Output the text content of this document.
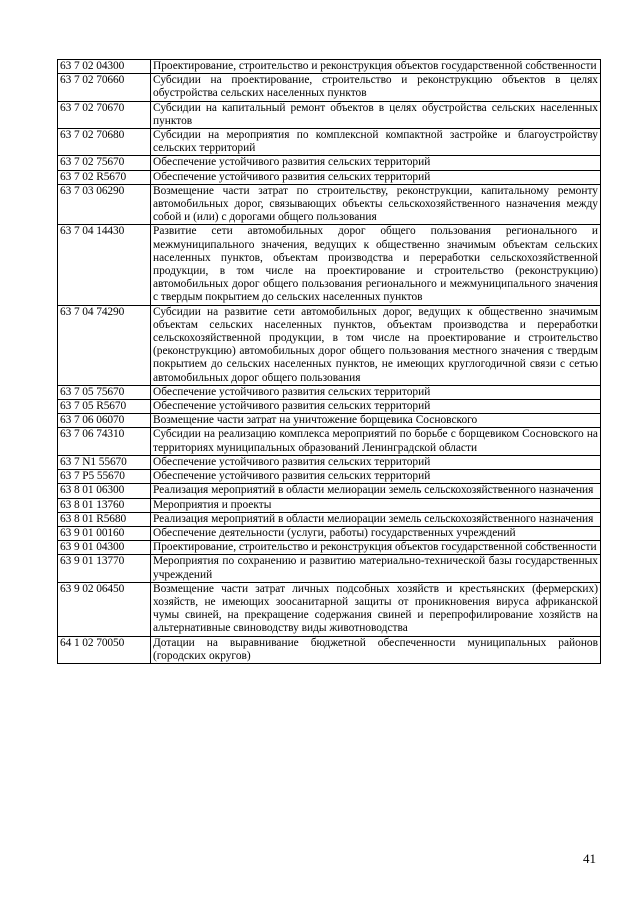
63 7 02 04300	Проектирование, строительство и реконструкция объектов государственной собственности
63 7 02 70660	Субсидии на проектирование, строительство и реконструкцию объектов в целях обустройства сельских населенных пунктов
63 7 02 70670	Субсидии на капитальный ремонт объектов в целях обустройства сельских населенных пунктов
63 7 02 70680	Субсидии на мероприятия по комплексной компактной застройке и благоустройству сельских территорий
63 7 02 75670	Обеспечение устойчивого развития сельских территорий
63 7 02 R5670	Обеспечение устойчивого развития сельских территорий
63 7 03 06290	Возмещение части затрат по строительству, реконструкции, капитальному ремонту автомобильных дорог, связывающих объекты сельскохозяйственного назначения между собой и (или) с дорогами общего пользования
63 7 04 14430	Развитие сети автомобильных дорог общего пользования регионального и межмуниципального значения, ведущих к общественно значимым объектам сельских населенных пунктов, объектам производства и переработки сельскохозяйственной продукции, в том числе на проектирование и строительство (реконструкцию) автомобильных дорог общего пользования регионального и межмуниципального значения с твердым покрытием до сельских населенных пунктов
63 7 04 74290	Субсидии на развитие сети автомобильных дорог, ведущих к общественно значимым объектам сельских населенных пунктов, объектам производства и переработки сельскохозяйственной продукции, в том числе на проектирование и строительство (реконструкцию) автомобильных дорог общего пользования местного значения с твердым покрытием до сельских населенных пунктов, не имеющих круглогодичной связи с сетью автомобильных дорог общего пользования
63 7 05 75670	Обеспечение устойчивого развития сельских территорий
63 7 05 R5670	Обеспечение устойчивого развития сельских территорий
63 7 06 06070	Возмещение части затрат на уничтожение борщевика Сосновского
63 7 06 74310	Субсидии на реализацию комплекса мероприятий по борьбе с борщевиком Сосновского на территориях муниципальных образований Ленинградской области
63 7 N1 55670	Обеспечение устойчивого развития сельских территорий
63 7 P5 55670	Обеспечение устойчивого развития сельских территорий
63 8 01 06300	Реализация мероприятий в области мелиорации земель сельскохозяйственного назначения
63 8 01 13760	Мероприятия и проекты
63 8 01 R5680	Реализация мероприятий в области мелиорации земель сельскохозяйственного назначения
63 9 01 00160	Обеспечение деятельности (услуги, работы) государственных учреждений
63 9 01 04300	Проектирование, строительство и реконструкция объектов государственной собственности
63 9 01 13770	Мероприятия по сохранению и развитию материально-технической базы государственных учреждений
63 9 02 06450	Возмещение части затрат личных подсобных хозяйств и крестьянских (фермерских) хозяйств, не имеющих зоосанитарной защиты от проникновения вируса африканской чумы свиней, на прекращение содержания свиней и перепрофилирование хозяйств на альтернативные свиноводству виды животноводства
64 1 02 70050	Дотации на выравнивание бюджетной обеспеченности муниципальных районов (городских округов)
41
